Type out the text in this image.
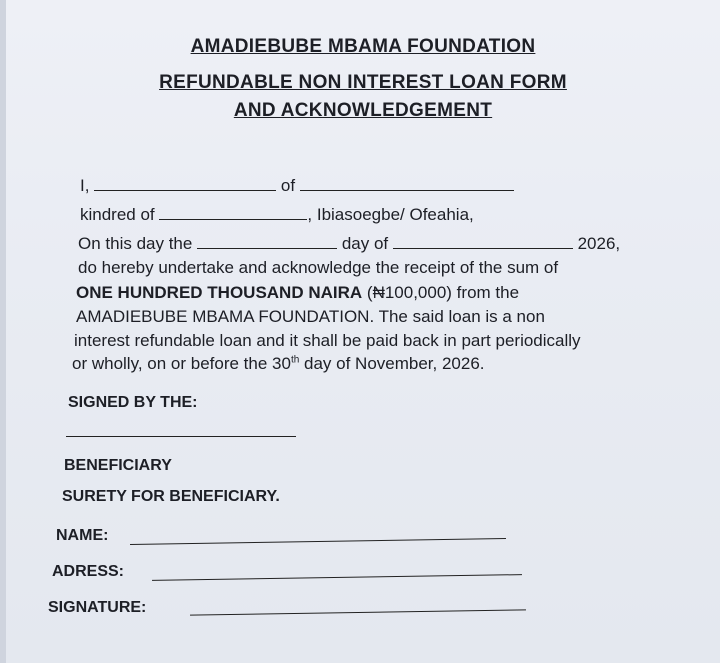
AMADIEBUBE MBAMA FOUNDATION
REFUNDABLE NON INTEREST LOAN FORM
AND ACKNOWLEDGEMENT
I,	of
kindred of	, Ibiasoegbe/ Ofeahia,
On this day the	day of	2026,
do hereby undertake and acknowledge the receipt of the sum of
ONE HUNDRED THOUSAND NAIRA (₦100,000) from the
AMADIEBUBE MBAMA FOUNDATION. The said loan is a non
interest refundable loan and it shall be paid back in part periodically
or wholly, on or before the 30th day of November, 2026.
SIGNED BY THE:
BENEFICIARY
SURETY FOR BENEFICIARY.
NAME:
ADRESS:
SIGNATURE:
